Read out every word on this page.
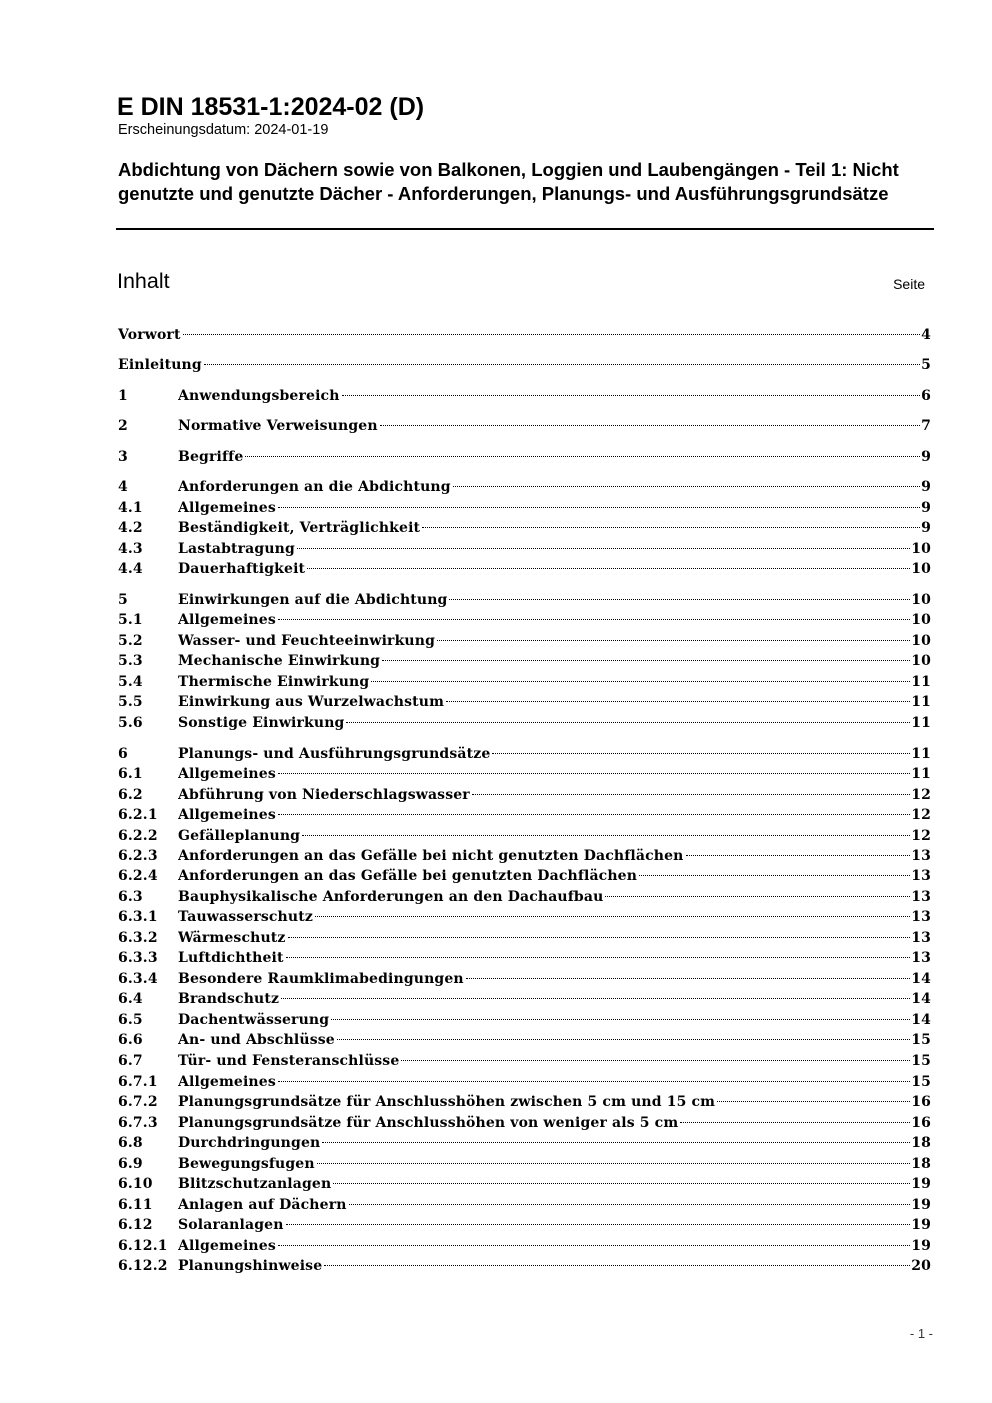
E DIN 18531-1:2024-02 (D)
Erscheinungsdatum: 2024-01-19
Abdichtung von Dächern sowie von Balkonen, Loggien und Laubengängen - Teil 1: Nicht genutzte und genutzte Dächer - Anforderungen, Planungs- und Ausführungsgrundsätze
Inhalt	Seite
Vorwort	4
Einleitung	5
1	Anwendungsbereich	6
2	Normative Verweisungen	7
3	Begriffe	9
4	Anforderungen an die Abdichtung	9
4.1	Allgemeines	9
4.2	Beständigkeit, Verträglichkeit	9
4.3	Lastabtragung	10
4.4	Dauerhaftigkeit	10
5	Einwirkungen auf die Abdichtung	10
5.1	Allgemeines	10
5.2	Wasser- und Feuchteeinwirkung	10
5.3	Mechanische Einwirkung	10
5.4	Thermische Einwirkung	11
5.5	Einwirkung aus Wurzelwachstum	11
5.6	Sonstige Einwirkung	11
6	Planungs- und Ausführungsgrundsätze	11
6.1	Allgemeines	11
6.2	Abführung von Niederschlagswasser	12
6.2.1	Allgemeines	12
6.2.2	Gefälleplanung	12
6.2.3	Anforderungen an das Gefälle bei nicht genutzten Dachflächen	13
6.2.4	Anforderungen an das Gefälle bei genutzten Dachflächen	13
6.3	Bauphysikalische Anforderungen an den Dachaufbau	13
6.3.1	Tauwasserschutz	13
6.3.2	Wärmeschutz	13
6.3.3	Luftdichtheit	13
6.3.4	Besondere Raumklimabedingungen	14
6.4	Brandschutz	14
6.5	Dachentwässerung	14
6.6	An- und Abschlüsse	15
6.7	Tür- und Fensteranschlüsse	15
6.7.1	Allgemeines	15
6.7.2	Planungsgrundsätze für Anschlusshöhen zwischen 5 cm und 15 cm	16
6.7.3	Planungsgrundsätze für Anschlusshöhen von weniger als 5 cm	16
6.8	Durchdringungen	18
6.9	Bewegungsfugen	18
6.10	Blitzschutzanlagen	19
6.11	Anlagen auf Dächern	19
6.12	Solaranlagen	19
6.12.1 Allgemeines	19
6.12.2 Planungshinweise	20
- 1 -
